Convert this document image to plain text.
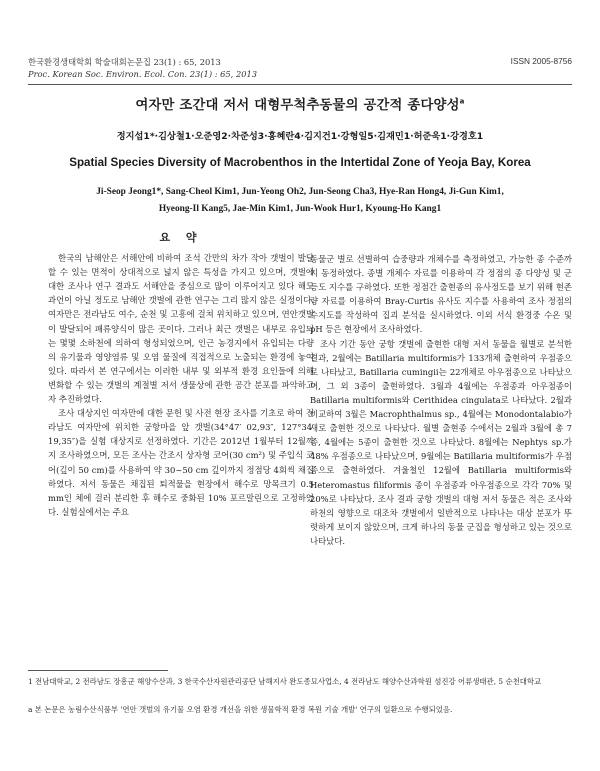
한국환경생태학회 학술대회논문집 23(1) : 65, 2013	ISSN 2005-8756
Proc. Korean Soc. Environ. Ecol. Con. 23(1) : 65, 2013
여자만 조간대 저서 대형무척추동물의 공간적 종다양성$^a$
정지섭1*·김상철1·오준영2·차준성3·홍혜란4·김지건1·강형일5·김재민1·허준욱1·강경호1
Spatial Species Diversity of Macrobenthos in the Intertidal Zone of Yeoja Bay, Korea
Ji-Seop Jeong1*, Sang-Cheol Kim1, Jun-Yeong Oh2, Jun-Seong Cha3, Hye-Ran Hong4, Ji-Gun Kim1,
Hyeong-Il Kang5, Jae-Min Kim1, Jun-Wook Hur1, Kyoung-Ho Kang1
요 약

한국의 남해안은 서해안에 비하여 조석 간만의 차가 작아 갯벌이 발달할 수 있는 면적이 상대적으로 넓지 않은 특성을 가지고 있으며, 갯벌에 대한 조사나 연구 결과도 서해안을 중심으로 많이 이루어지고 있다 해도 과언이 아닐 정도로 남해안 갯벌에 관한 연구는 그리 많지 않은 실정이다. 여자만은 전라남도 여수, 순천 및 고흥에 걸쳐 위치하고 있으며, 연안갯벌이 발달되어 패류양식이 많은 곳이다. 그러나 최근 갯벌은 내부로 유입되는 몇몇 소하천에 의하여 형성되었으며, 인근 농경지에서 유입되는 다량의 유기물과 영양염류 및 오염 물질에 직접적으로 노출되는 환경에 놓여 있다. 따라서 본 연구에서는 이러한 내부 및 외부적 환경 요인들에 의해 변화할 수 있는 갯벌의 계절별 저서 생물상에 관한 공간 분포를 파악하고자 추진하였다.

조사 대상지인 여자만에 대한 문헌 및 사전 현장 조사를 기초로 하여 전라남도 여자만에 위치한 궁항마을 앞 갯벌(34°47′ 02,93″, 127°34′ 19,35″)을 실험 대상지로 선정하였다. 기간은 2012년 1월부터 12월까지 조사하였으며, 모든 조사는 간조시 상자형 코어(30 cm²) 및 주입식 코어(깊이 50 cm)를 사용하여 약 30~50 cm 깊이까지 정점당 4회씩 채집하였다. 저서 동물은 채집된 퇴적물을 현장에서 해수로 망목크기 0.5 mm인 체에 걸러 분리한 후 해수로 중화된 10% 포르말린으로 고정하였다. 실험실에서는 주요

동물군 별로 선별하여 습중량과 개체수를 측정하였고, 가능한 종 수준까지 동정하였다. 종별 개체수 자료를 이용하여 각 정점의 종 다양성 및 군등도 지수를 구하였다. 또한 정점간 출현종의 유사정도를 보기 위해 현존량 자료를 이용하여 Bray-Curtis 유사도 지수를 사용하여 조사 정점의 수지도를 작성하여 집괴 분석을 실시하였다. 이외 서식 환경중 수온 및 pH 등은 현장에서 조사하였다.

조사 기간 동안 궁항 갯벌에 출현한 대형 저서 동물을 월별로 분석한 결과, 2월에는 Batillaria multiformis가 133개체 출현하여 우점종으로 나타났고, Batillaria cumingii는 22개체로 아우점종으로 나타났으며, 그 외 3종이 출현하였다. 3월과 4월에는 우점종과 아우점종이 Batillaria multiformis와 Cerithidea cingulata로 나타났다. 2월과 비교하여 3월은 Macrophthalmus sp., 4월에는 Monodontalabio가 새로 출현한 것으로 나타났다. 월별 출현종 수에서는 2월과 3월에 총 7종, 4월에는 5종이 출현한 것으로 나타났다. 8월에는 Nephtys sp.가 48% 우점종으로 나타났으며, 9월에는 Batillaria multiformis가 우점종으로 출현하였다. 겨울철인 12월에 Batillaria multiformis와 Heteromastus filiformis 종이 우점종과 아우점종으로 각각 70% 및 20%로 나타났다. 조사 결과 궁항 갯벌의 대형 저서 동물은 적은 조사와 하천의 영향으로 대조차 갯벌에서 일반적으로 나타나는 대상 분포가 뚜렷하게 보이지 않았으며, 크게 하나의 동물 군집을 형성하고 있는 것으로 나타났다.

1 전남대학교, 2 전라남도 장흥군 해양수산과, 3 한국수산자원관리공단 남해지사 완도종묘사업소, 4 전라남도 해양수산과학원 섬진강 어류생태관, 5 순천대학교
a 본 논문은 농림수산식품부 '연안 갯벌의 유기물 오염 환경 개선을 위한 생물학적 환경 복원 기술 개발' 연구의 일환으로 수행되었음.
